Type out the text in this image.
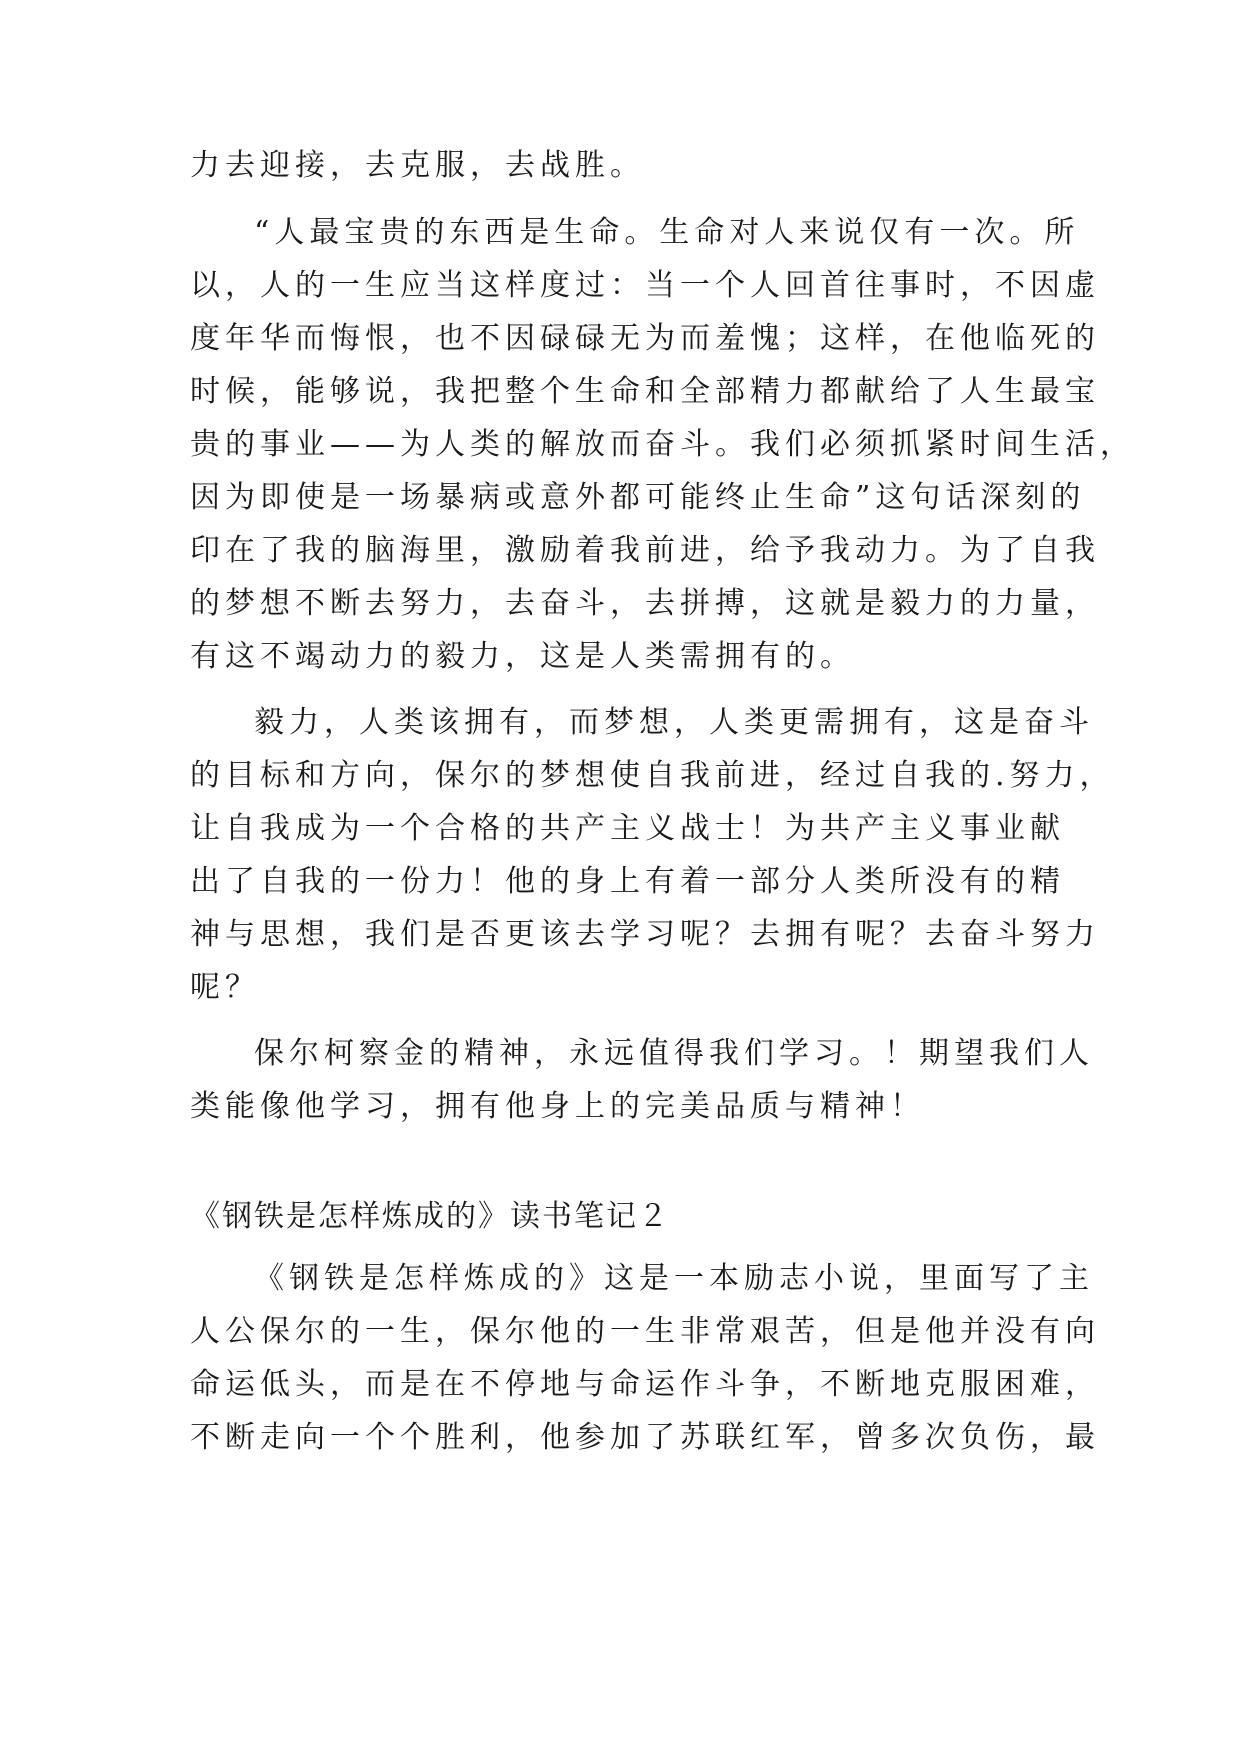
力去迎接，去克服，去战胜。
“人最宝贵的东西是生命。生命对人来说仅有一次。所
以，人的一生应当这样度过：当一个人回首往事时，不因虚
度年华而悔恨，也不因碌碌无为而羞愧；这样，在他临死的
时候，能够说，我把整个生命和全部精力都献给了人生最宝
贵的事业——为人类的解放而奋斗。我们必须抓紧时间生活，
因为即使是一场暴病或意外都可能终止生命”这句话深刻的
印在了我的脑海里，激励着我前进，给予我动力。为了自我
的梦想不断去努力，去奋斗，去拼搏，这就是毅力的力量，
有这不竭动力的毅力，这是人类需拥有的。
毅力，人类该拥有，而梦想，人类更需拥有，这是奋斗
的目标和方向，保尔的梦想使自我前进，经过自我的.努力，
让自我成为一个合格的共产主义战士！为共产主义事业献
出了自我的一份力！他的身上有着一部分人类所没有的精
神与思想，我们是否更该去学习呢？去拥有呢？去奋斗努力
呢？
保尔柯察金的精神，永远值得我们学习。！期望我们人
类能像他学习，拥有他身上的完美品质与精神！
《钢铁是怎样炼成的》读书笔记２
《钢铁是怎样炼成的》这是一本励志小说，里面写了主
人公保尔的一生，保尔他的一生非常艰苦，但是他并没有向
命运低头，而是在不停地与命运作斗争，不断地克服困难，
不断走向一个个胜利，他参加了苏联红军，曾多次负伤，最
